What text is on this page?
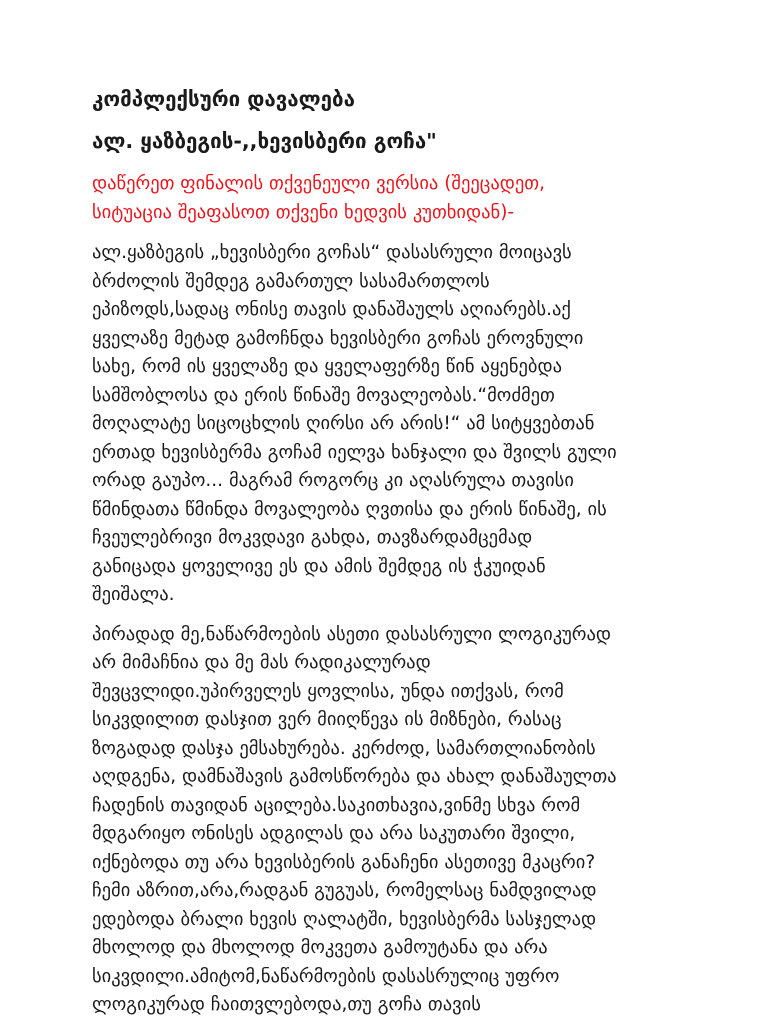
კომპლექსური დავალება
ალ. ყაზბეგის-,,ხევისბერი გოჩა"

დაწერეთ ფინალის თქვენეული ვერსია (შეეცადეთ,
სიტუაცია შეაფასოთ თქვენი ხედვის კუთხიდან)-

ალ.ყაზბეგის „ხევისბერი გოჩას“ დასასრული მოიცავს
ბრძოლის შემდეგ გამართულ სასამართლოს
ეპიზოდს,სადაც ონისე თავის დანაშაულს აღიარებს.აქ
ყველაზე მეტად გამოჩნდა ხევისბერი გოჩას ეროვნული
სახე, რომ ის ყველაზე და ყველაფერზე წინ აყენებდა
სამშობლოსა და ერის წინაშე მოვალეობას.“მოძმეთ
მოღალატე სიცოცხლის ღირსი არ არის!“ ამ სიტყვებთან
ერთად ხევისბერმა გოჩამ იელვა ხანჯალი და შვილს გული
ორად გაუპო... მაგრამ როგორც კი აღასრულა თავისი
წმინდათა წმინდა მოვალეობა ღვთისა და ერის წინაშე, ის
ჩვეულებრივი მოკვდავი გახდა, თავზარდამცემად
განიცადა ყოველივე ეს და ამის შემდეგ ის ჭკუიდან
შეიშალა.

პირადად მე,ნაწარმოების ასეთი დასასრული ლოგიკურად
არ მიმაჩნია და მე მას რადიკალურად
შევცვლიდი.უპირველეს ყოვლისა, უნდა ითქვას, რომ
სიკვდილით დასჯით ვერ მიიღწევა ის მიზნები, რასაც
ზოგადად დასჯა ემსახურება. კერძოდ, სამართლიანობის
აღდგენა, დამნაშავის გამოსწორება და ახალ დანაშაულთა
ჩადენის თავიდან აცილება.საკითხავია,ვინმე სხვა რომ
მდგარიყო ონისეს ადგილას და არა საკუთარი შვილი,
იქნებოდა თუ არა ხევისბერის განაჩენი ასეთივე მკაცრი?
ჩემი აზრით,არა,რადგან გუგუას, რომელსაც ნამდვილად
ედებოდა ბრალი ხევის ღალატში, ხევისბერმა სასჯელად
მხოლოდ და მხოლოდ მოკვეთა გამოუტანა და არა
სიკვდილი.ამიტომ,ნაწარმოების დასასრულიც უფრო
ლოგიკურად ჩაითვლებოდა,თუ გოჩა თავის
